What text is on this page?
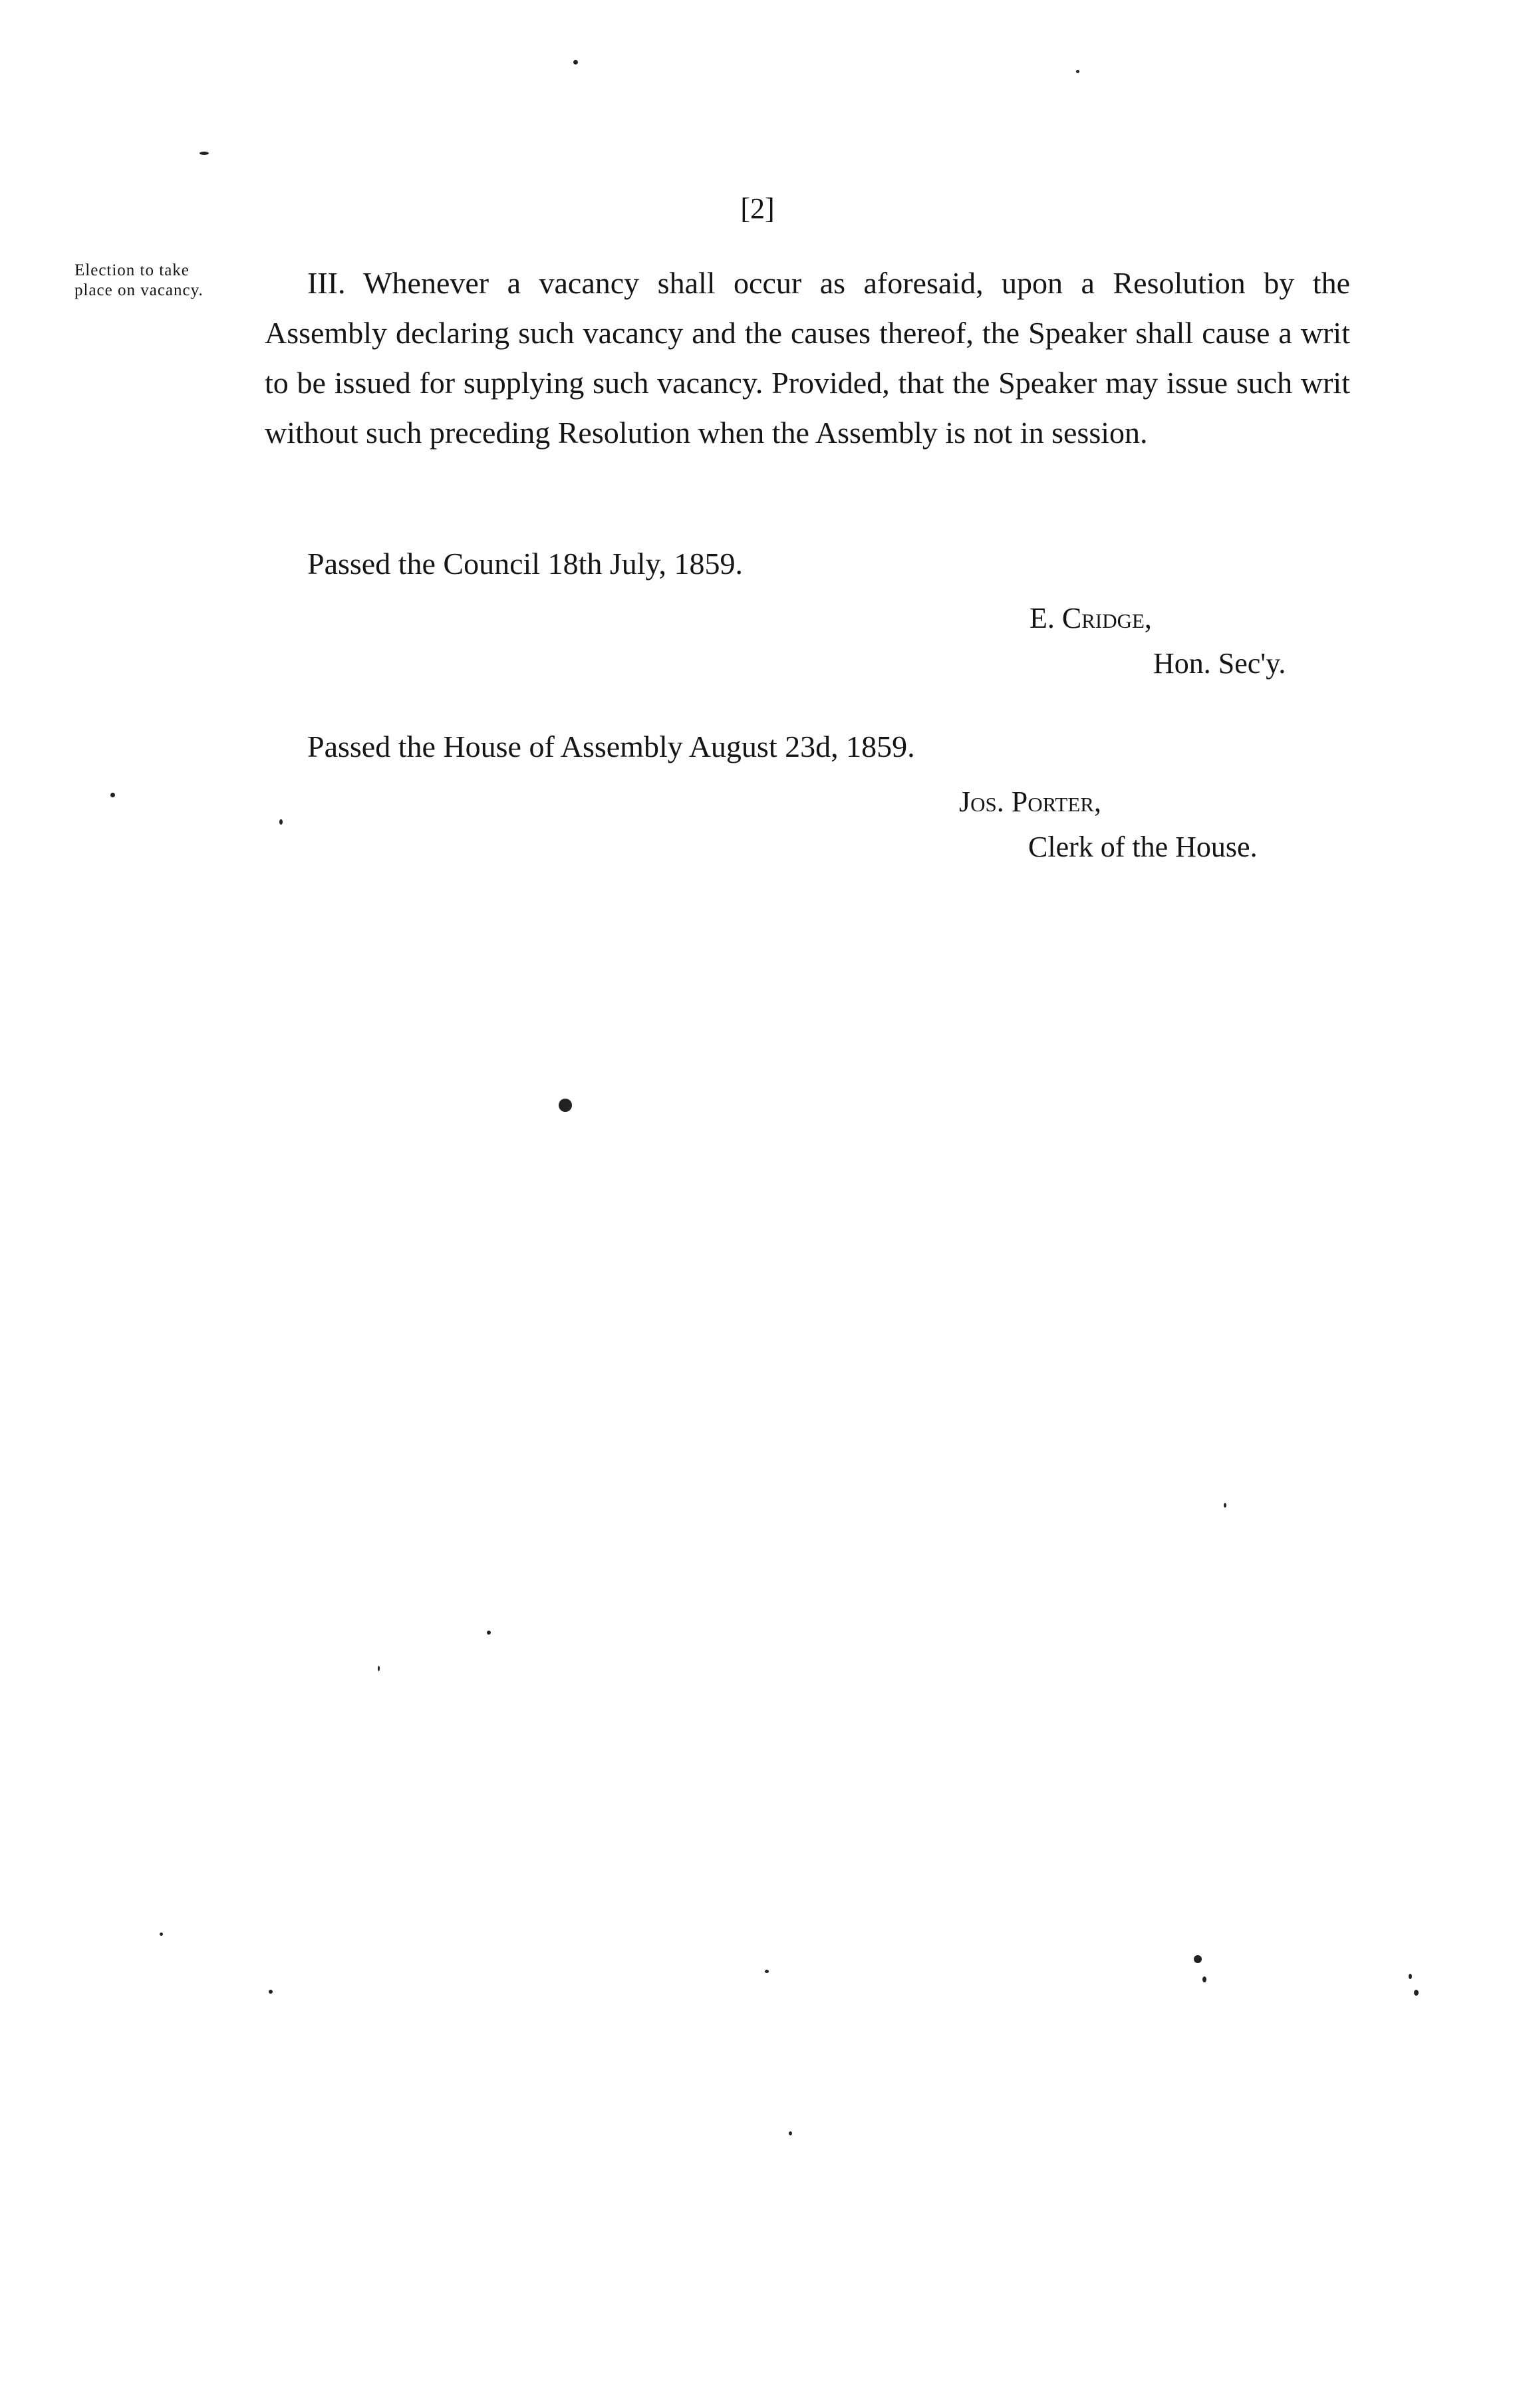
[2]
Election to take
place on vacancy.	III. Whenever a vacancy shall occur as aforesaid, upon a Resolution by the Assembly declaring such vacancy and the causes thereof, the Speaker shall cause a writ to be issued for supplying such vacancy. Provided, that the Speaker may issue such writ without such preceding Resolution when the Assembly is not in session.

Passed the Council 18th July, 1859.

E. Cridge,

Hon. Sec'y.

Passed the House of Assembly August 23d, 1859.

Jos. Porter,

Clerk of the House.
